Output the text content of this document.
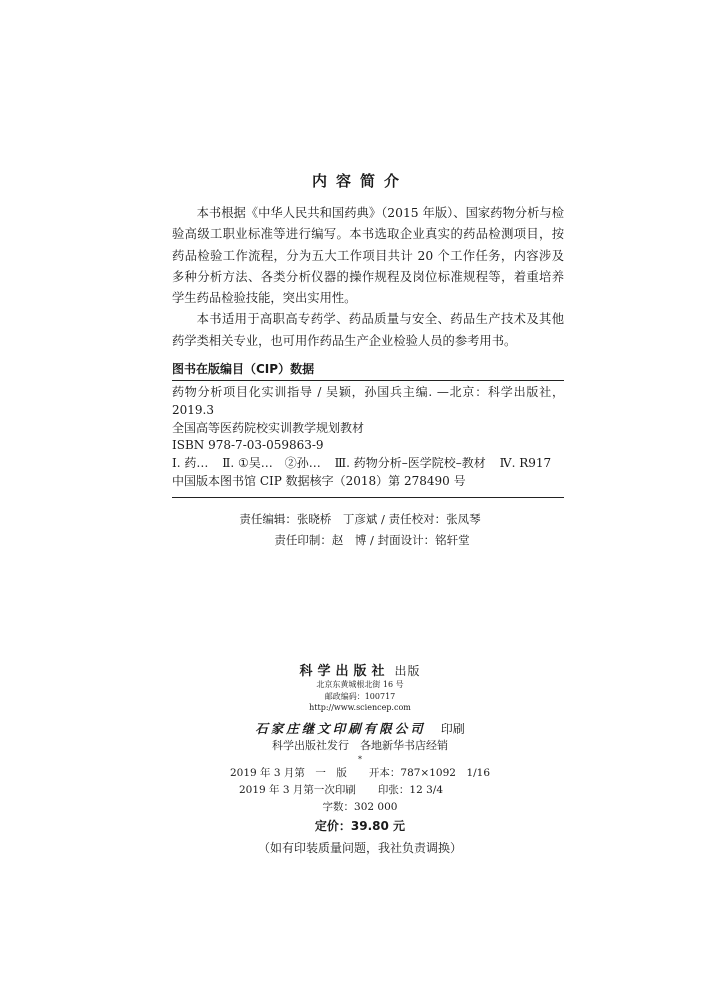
内容简介

本书根据《中华人民共和国药典》（2015 年版）、国家药物分析与检验高级工职业标准等进行编写。本书选取企业真实的药品检测项目，按药品检验工作流程，分为五大工作项目共计 20 个工作任务，内容涉及多种分析方法、各类分析仪器的操作规程及岗位标准规程等，着重培养学生药品检验技能，突出实用性。

本书适用于高职高专药学、药品质量与安全、药品生产技术及其他药学类相关专业，也可用作药品生产企业检验人员的参考用书。

图书在版编目（CIP）数据
药物分析项目化实训指导 / 吴颖，孙国兵主编. —北京：科学出版社，2019.3
全国高等医药院校实训教学规划教材
ISBN 978-7-03-059863-9
Ⅰ. 药… Ⅱ. ①吴…　②孙… Ⅲ. 药物分析–医学院校–教材 Ⅳ. R917
中国版本图书馆 CIP 数据核字（2018）第 278490 号
责任编辑：张晓桥　丁彦斌 / 责任校对：张凤琴
责任印制：赵　博 / 封面设计：铭轩堂
科学出版社 出版
北京东黄城根北街 16 号
邮政编码：100717
http://www.sciencep.com
石家庄继文印刷有限公司 印刷
科学出版社发行　各地新华书店经销
*
2019 年 3 月第　一　版 开本：787×1092　1/16
2019 年 3 月第一次印刷 印张：12 3/4
字数：302 000
定价：39.80 元
（如有印装质量问题，我社负责调换）
